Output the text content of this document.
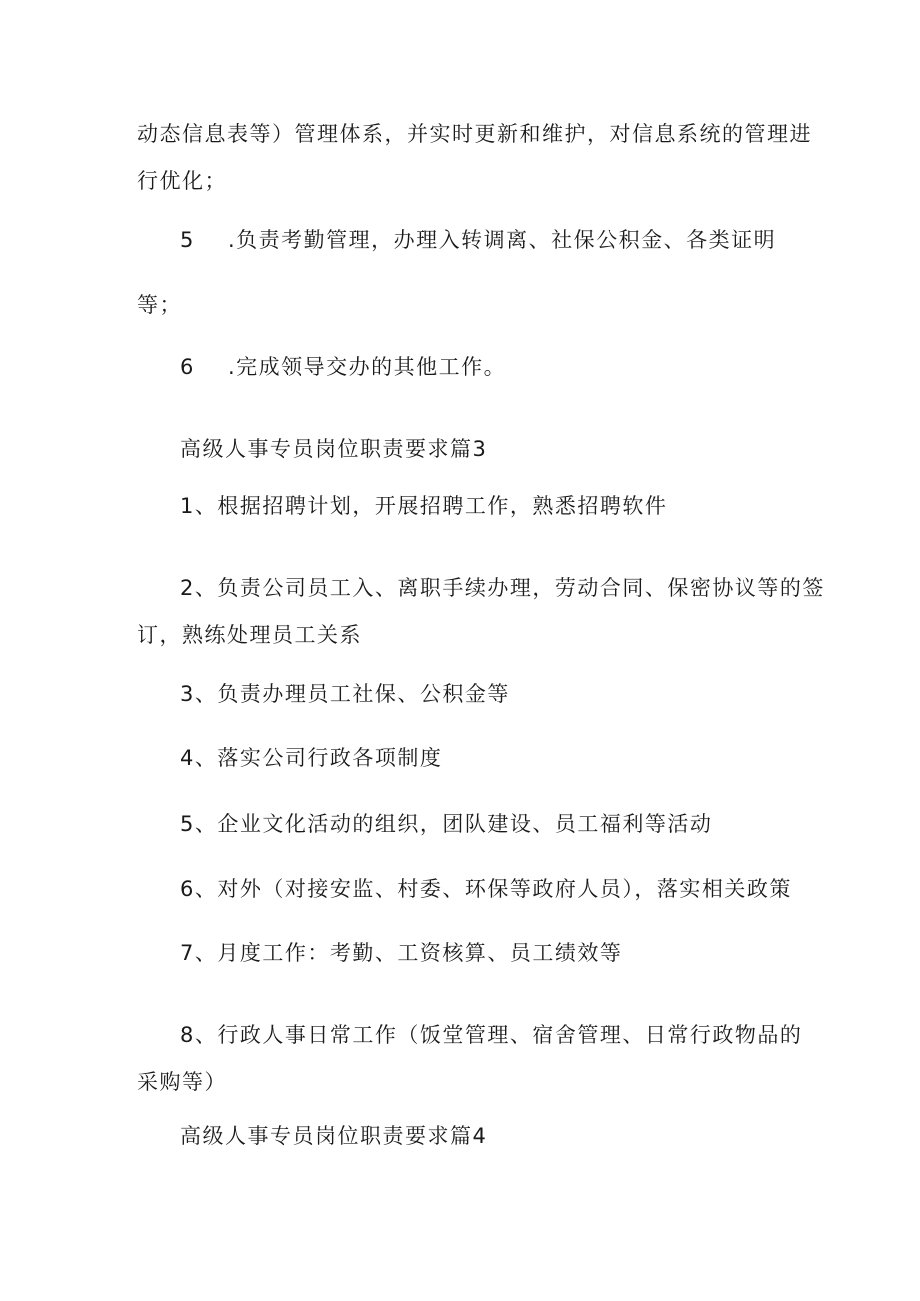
动态信息表等）管理体系，并实时更新和维护，对信息系统的管理进
行优化；
5 .负责考勤管理，办理入转调离、社保公积金、各类证明
等；
6 .完成领导交办的其他工作。
高级人事专员岗位职责要求篇3
1、根据招聘计划，开展招聘工作，熟悉招聘软件
2、负责公司员工入、离职手续办理，劳动合同、保密协议等的签
订，熟练处理员工关系
3、负责办理员工社保、公积金等
4、落实公司行政各项制度
5、企业文化活动的组织，团队建设、员工福利等活动
6、对外（对接安监、村委、环保等政府人员），落实相关政策
7、月度工作：考勤、工资核算、员工绩效等
8、行政人事日常工作（饭堂管理、宿舍管理、日常行政物品的
采购等）
高级人事专员岗位职责要求篇4
